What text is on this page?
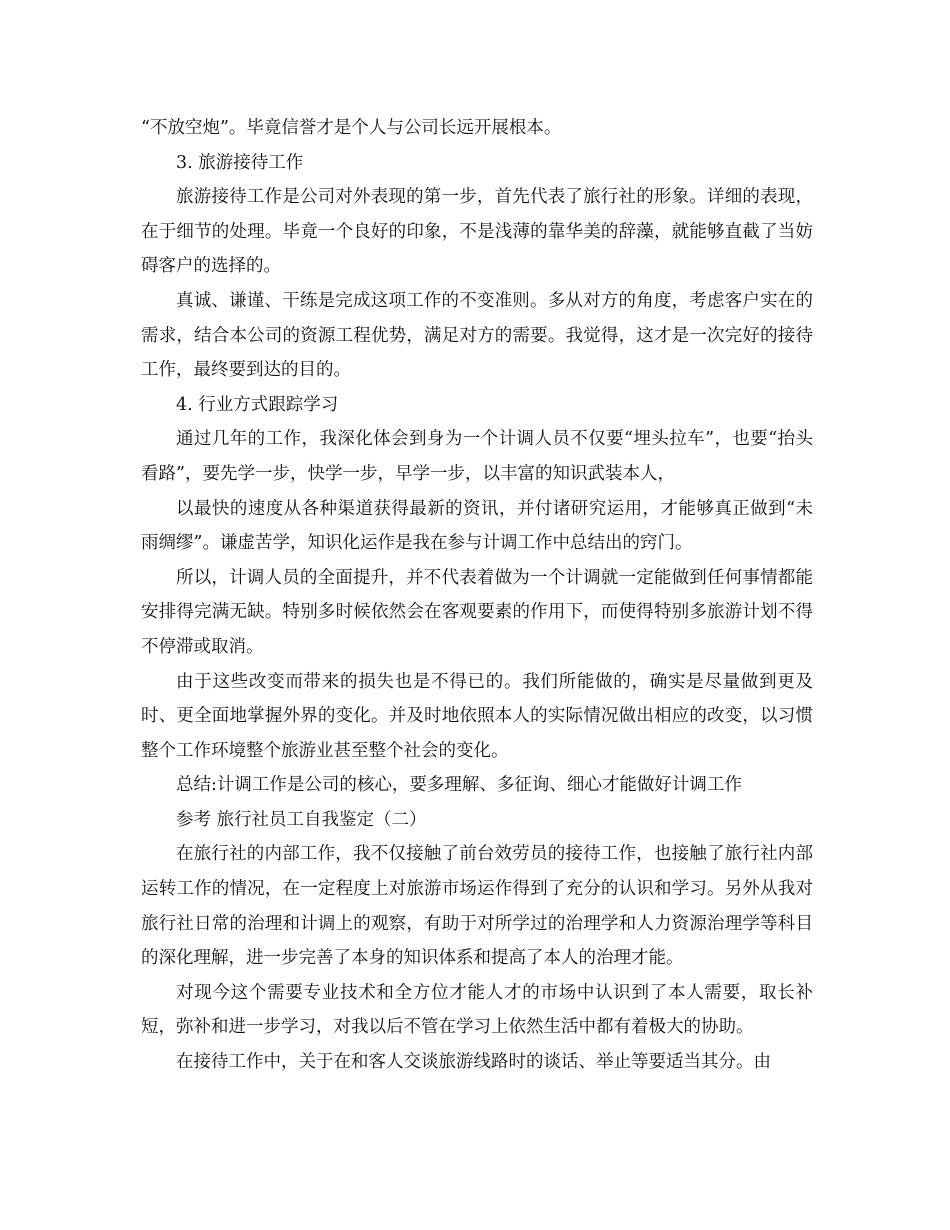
“不放空炮”。毕竟信誉才是个人与公司长远开展根本。

3. 旅游接待工作

旅游接待工作是公司对外表现的第一步，首先代表了旅行社的形象。详细的表现，在于细节的处理。毕竟一个良好的印象，不是浅薄的靠华美的辞藻，就能够直截了当妨碍客户的选择的。

真诚、谦谨、干练是完成这项工作的不变准则。多从对方的角度，考虑客户实在的需求，结合本公司的资源工程优势，满足对方的需要。我觉得，这才是一次完好的接待工作，最终要到达的目的。

4. 行业方式跟踪学习

通过几年的工作，我深化体会到身为一个计调人员不仅要“埋头拉车”，也要“抬头看路”，要先学一步，快学一步，早学一步，以丰富的知识武装本人，

以最快的速度从各种渠道获得最新的资讯，并付诸研究运用，才能够真正做到“未雨绸缪”。谦虚苦学，知识化运作是我在参与计调工作中总结出的窍门。

所以，计调人员的全面提升，并不代表着做为一个计调就一定能做到任何事情都能安排得完满无缺。特别多时候依然会在客观要素的作用下，而使得特别多旅游计划不得不停滞或取消。

由于这些改变而带来的损失也是不得已的。我们所能做的，确实是尽量做到更及时、更全面地掌握外界的变化。并及时地依照本人的实际情况做出相应的改变，以习惯整个工作环境整个旅游业甚至整个社会的变化。

总结:计调工作是公司的核心，要多理解、多征询、细心才能做好计调工作

参考 旅行社员工自我鉴定（二）

在旅行社的内部工作，我不仅接触了前台效劳员的接待工作，也接触了旅行社内部运转工作的情况，在一定程度上对旅游市场运作得到了充分的认识和学习。另外从我对旅行社日常的治理和计调上的观察，有助于对所学过的治理学和人力资源治理学等科目的深化理解，进一步完善了本身的知识体系和提高了本人的治理才能。

对现今这个需要专业技术和全方位才能人才的市场中认识到了本人需要，取长补短，弥补和进一步学习，对我以后不管在学习上依然生活中都有着极大的协助。

在接待工作中，关于在和客人交谈旅游线路时的谈话、举止等要适当其分。由
